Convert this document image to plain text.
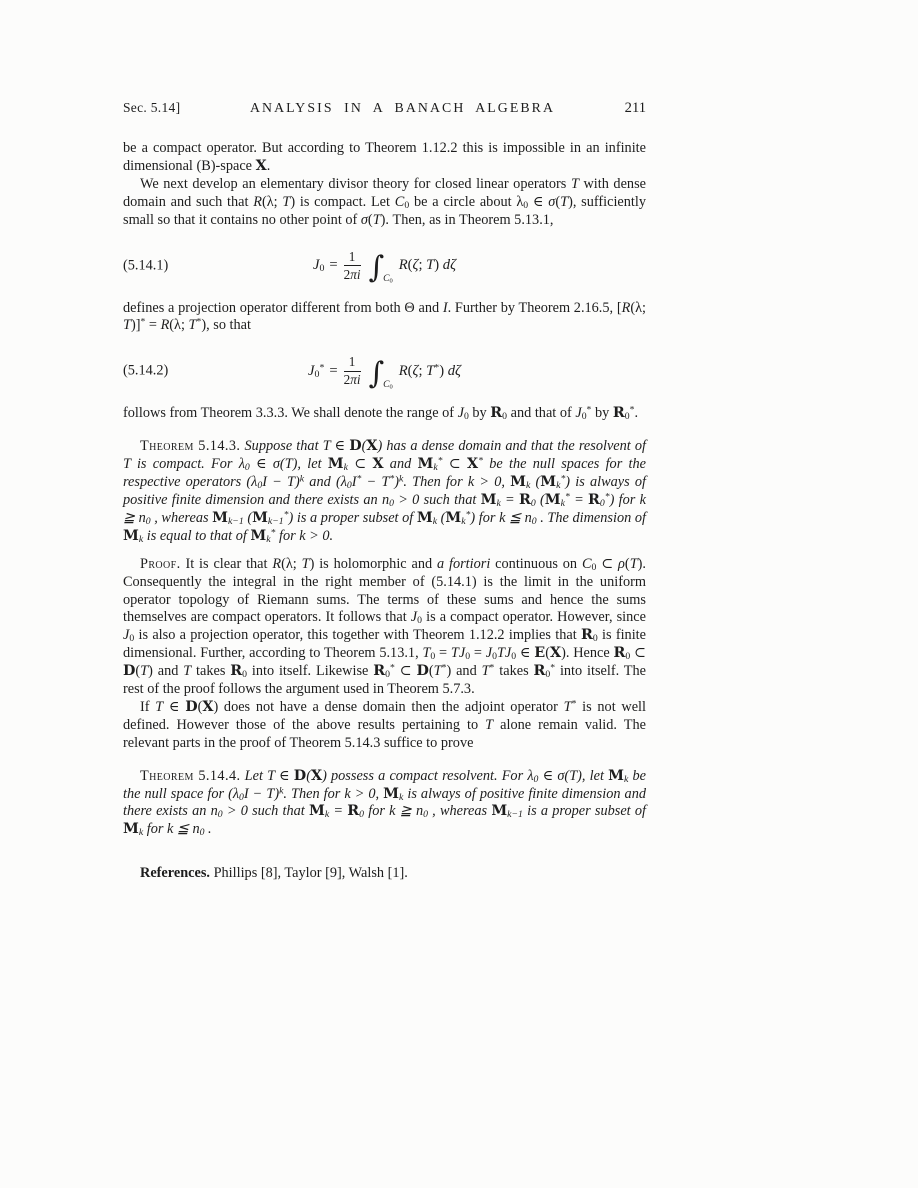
Sec. 5.14]	ANALYSIS IN A BANACH ALGEBRA	211

be a compact operator. But according to Theorem 1.12.2 this is impossible in an infinite dimensional (B)-space X.

We next develop an elementary divisor theory for closed linear operators T with dense domain and such that R(λ; T) is compact. Let C0 be a circle about λ0 ∈ σ(T), sufficiently small so that it contains no other point of σ(T). Then, as in Theorem 5.13.1,

(5.14.1)	$J0 = \frac{1}{2\pi i}$ ∫ C0
R(ζ; T) dζ

defines a projection operator different from both Θ and I. Further by Theorem 2.16.5, [R(λ; T)]* = R(λ; T*), so that

(5.14.2)	$J0^* = \frac{1}{2\pi i}$ ∫ C0
R(ζ; T*) dζ

follows from Theorem 3.3.3. We shall denote the range of J0 by R0 and that of J0* by R0*.

Theorem 5.14.3. Suppose that T ∈ D(X) has a dense domain and that the resolvent of T is compact. For λ0 ∈ σ(T), let Mk ⊂ X and Mk* ⊂ X* be the null spaces for the respective operators $(\lambda 0I - T)^k$ and $(\lambda 0I^* - T^*)^k$. Then for k > 0, Mk (Mk*) is always of positive finite dimension and there exists an n0 > 0 such that Mk = R0 (Mk* = R0*) for k ≧ n0 , whereas Mk−1 (Mk−1*) is a proper subset of Mk (Mk*) for k ≦ n0 . The dimension of Mk is equal to that of Mk* for k > 0.

Proof. It is clear that R(λ; T) is holomorphic and a fortiori continuous on C0 ⊂ ρ(T). Consequently the integral in the right member of (5.14.1) is the limit in the uniform operator topology of Riemann sums. The terms of these sums and hence the sums themselves are compact operators. It follows that J0 is a compact operator. However, since J0 is also a projection operator, this together with Theorem 1.12.2 implies that R0 is finite dimensional. Further, according to Theorem 5.13.1, T0 = TJ0 = J0TJ0 ∈ E(X). Hence R0 ⊂ D(T) and T takes R0 into itself. Likewise R0* ⊂ D(T*) and T* takes R0* into itself. The rest of the proof follows the argument used in Theorem 5.7.3.

If T ∈ D(X) does not have a dense domain then the adjoint operator T* is not well defined. However those of the above results pertaining to T alone remain valid. The relevant parts in the proof of Theorem 5.14.3 suffice to prove

Theorem 5.14.4. Let T ∈ D(X) possess a compact resolvent. For λ0 ∈ σ(T), let Mk be the null space for $(\lambda 0I - T)^k$. Then for k > 0, Mk is always of positive finite dimension and there exists an n0 > 0 such that Mk = R0 for k ≧ n0 , whereas Mk−1 is a proper subset of Mk for k ≦ n0 .

References. Phillips [8], Taylor [9], Walsh [1].
